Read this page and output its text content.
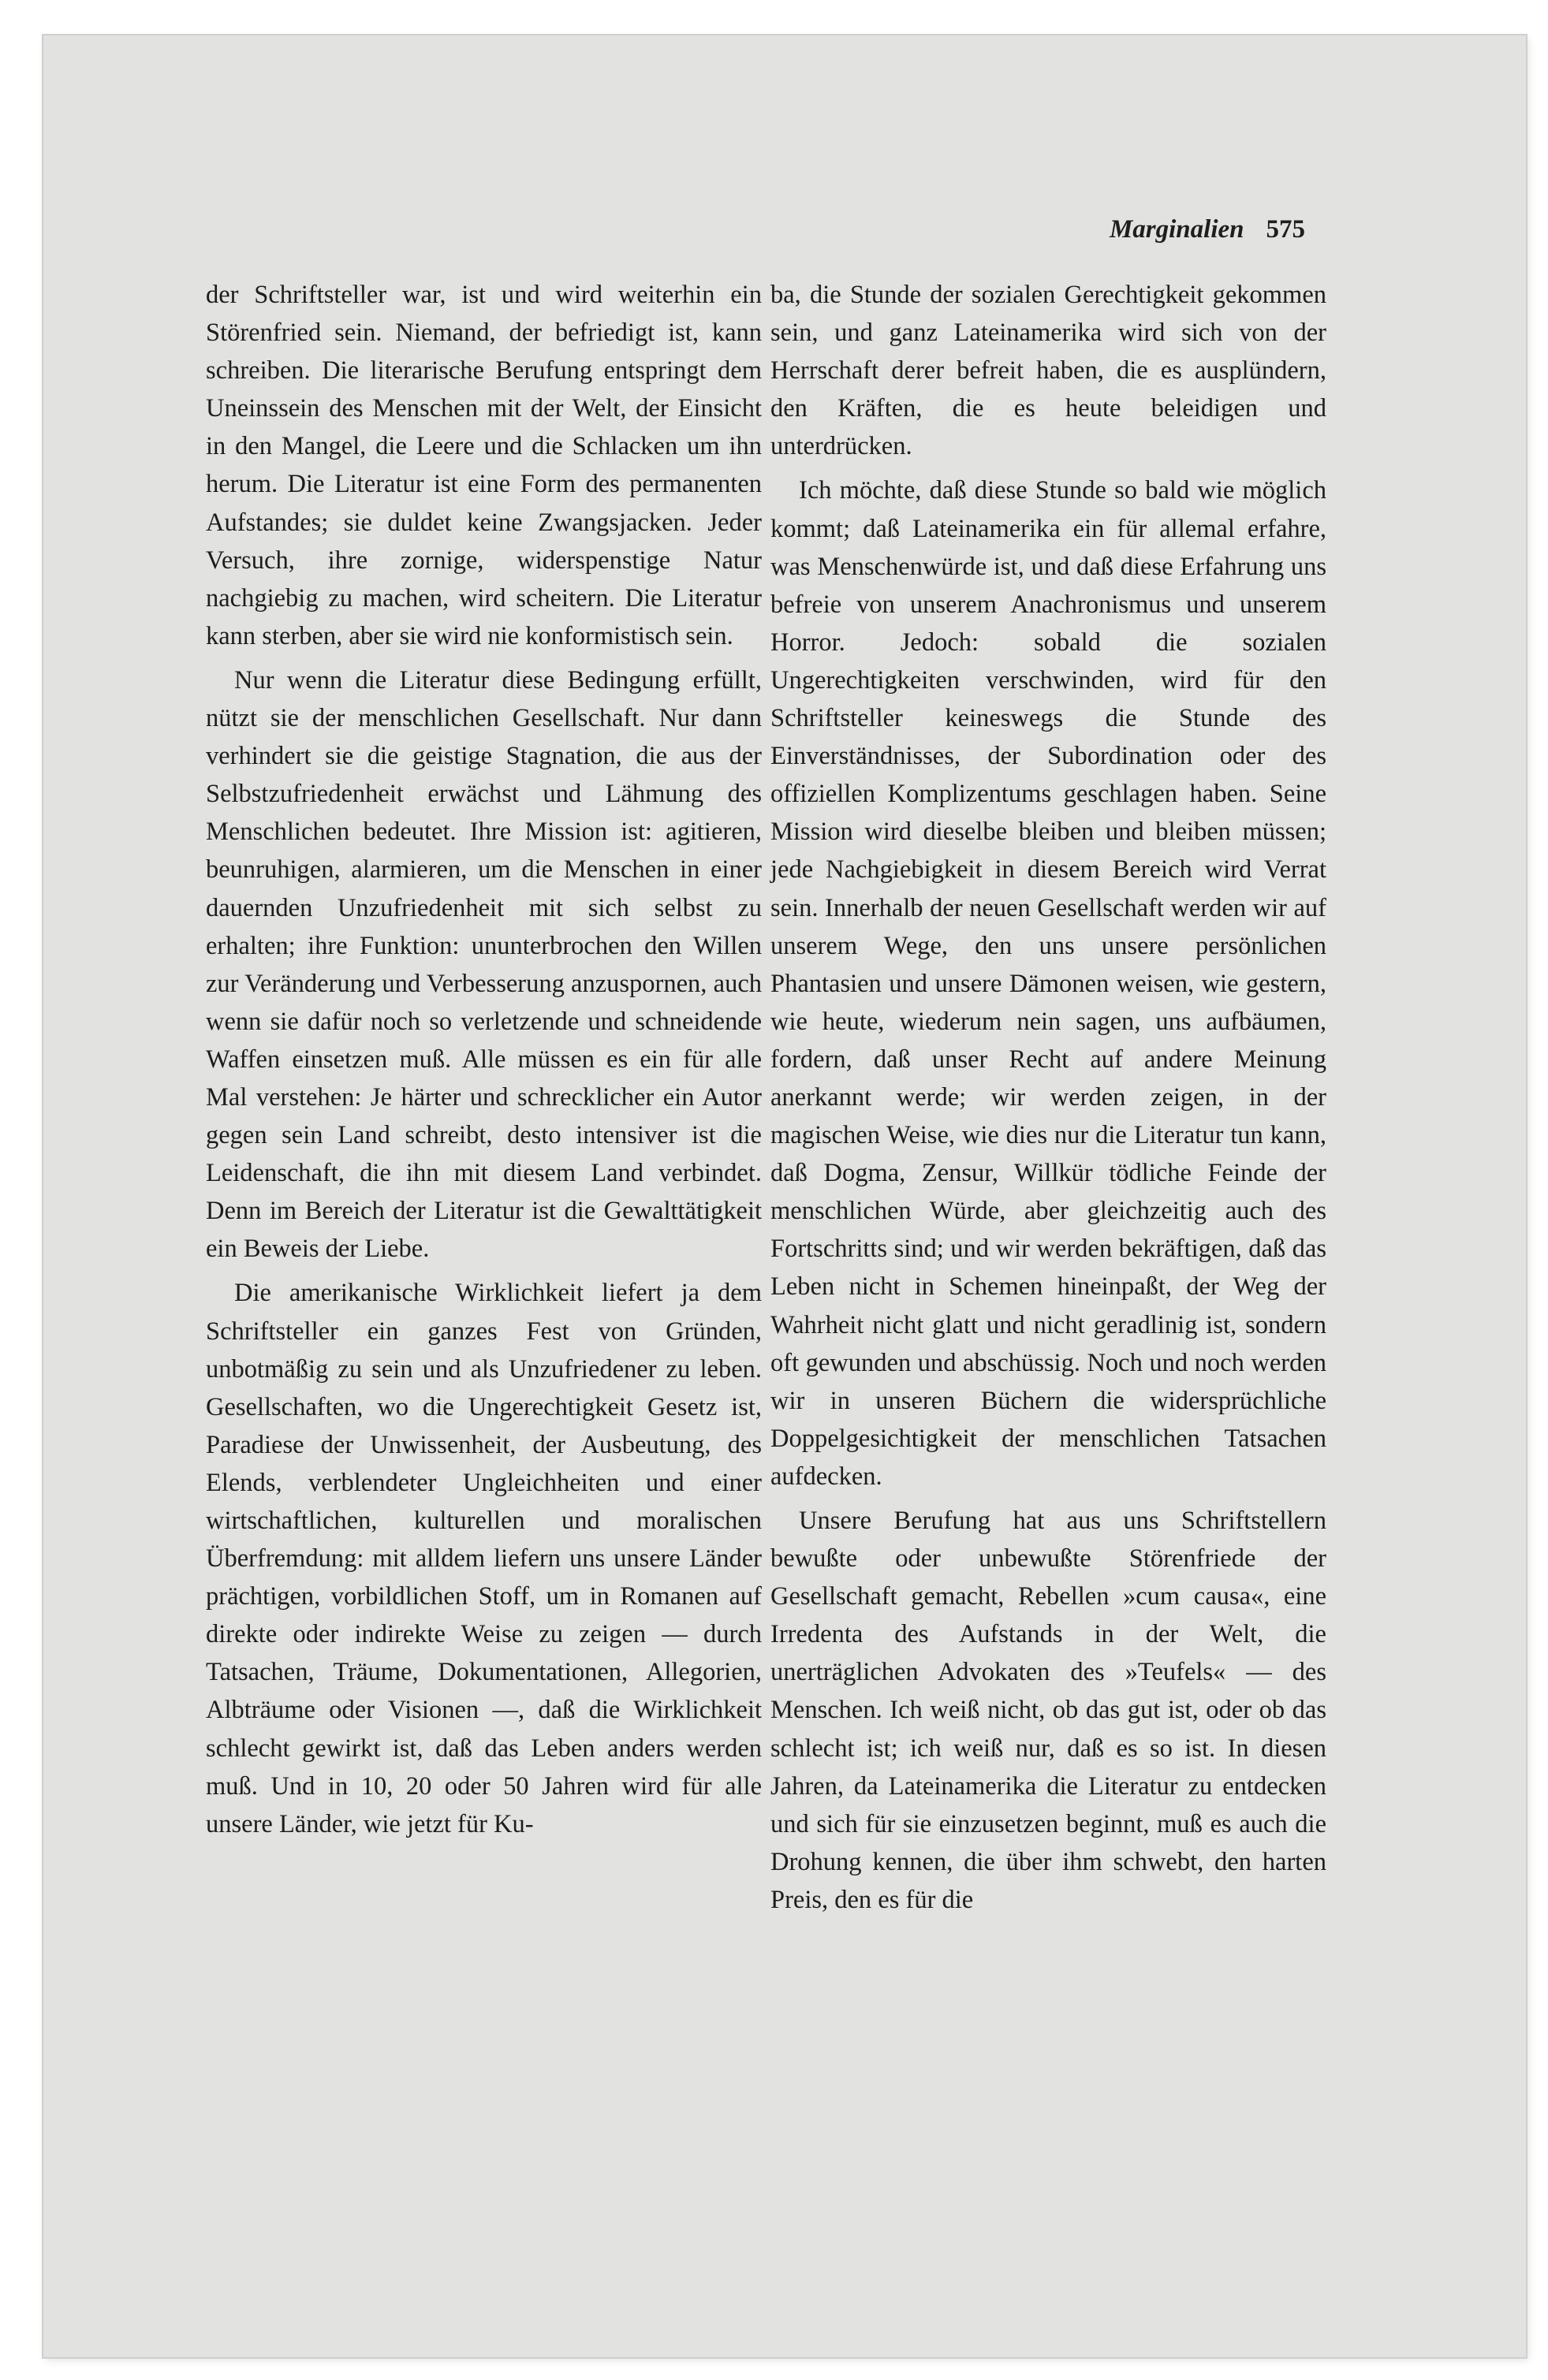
Marginalien 575

der Schriftsteller war, ist und wird weiterhin ein Störenfried sein. Niemand, der befriedigt ist, kann schreiben. Die literarische Berufung entspringt dem Uneinssein des Menschen mit der Welt, der Einsicht in den Mangel, die Leere und die Schlacken um ihn herum. Die Literatur ist eine Form des permanenten Aufstandes; sie duldet keine Zwangsjacken. Jeder Versuch, ihre zornige, widerspenstige Natur nachgiebig zu machen, wird scheitern. Die Literatur kann sterben, aber sie wird nie konformistisch sein.

Nur wenn die Literatur diese Bedingung erfüllt, nützt sie der menschlichen Gesellschaft. Nur dann verhindert sie die geistige Stagnation, die aus der Selbstzufriedenheit erwächst und Lähmung des Menschlichen bedeutet. Ihre Mission ist: agitieren, beunruhigen, alarmieren, um die Menschen in einer dauernden Unzufriedenheit mit sich selbst zu erhalten; ihre Funktion: ununterbrochen den Willen zur Veränderung und Verbesserung anzuspornen, auch wenn sie dafür noch so verletzende und schneidende Waffen einsetzen muß. Alle müssen es ein für alle Mal verstehen: Je härter und schrecklicher ein Autor gegen sein Land schreibt, desto intensiver ist die Leidenschaft, die ihn mit diesem Land verbindet. Denn im Bereich der Literatur ist die Gewalttätigkeit ein Beweis der Liebe.

Die amerikanische Wirklichkeit liefert ja dem Schriftsteller ein ganzes Fest von Gründen, unbotmäßig zu sein und als Unzufriedener zu leben. Gesellschaften, wo die Ungerechtigkeit Gesetz ist, Paradiese der Unwissenheit, der Ausbeutung, des Elends, verblendeter Ungleichheiten und einer wirtschaftlichen, kulturellen und moralischen Überfremdung: mit alldem liefern uns unsere Länder prächtigen, vorbildlichen Stoff, um in Romanen auf direkte oder indirekte Weise zu zeigen — durch Tatsachen, Träume, Dokumentationen, Allegorien, Albträume oder Visionen —, daß die Wirklichkeit schlecht gewirkt ist, daß das Leben anders werden muß. Und in 10, 20 oder 50 Jahren wird für alle unsere Länder, wie jetzt für Ku-

ba, die Stunde der sozialen Gerechtigkeit gekommen sein, und ganz Lateinamerika wird sich von der Herrschaft derer befreit haben, die es ausplündern, den Kräften, die es heute beleidigen und unterdrücken.

Ich möchte, daß diese Stunde so bald wie möglich kommt; daß Lateinamerika ein für allemal erfahre, was Menschenwürde ist, und daß diese Erfahrung uns befreie von unserem Anachronismus und unserem Horror. Jedoch: sobald die sozialen Ungerechtigkeiten verschwinden, wird für den Schriftsteller keineswegs die Stunde des Einverständnisses, der Subordination oder des offiziellen Komplizentums geschlagen haben. Seine Mission wird dieselbe bleiben und bleiben müssen; jede Nachgiebigkeit in diesem Bereich wird Verrat sein. Innerhalb der neuen Gesellschaft werden wir auf unserem Wege, den uns unsere persönlichen Phantasien und unsere Dämonen weisen, wie gestern, wie heute, wiederum nein sagen, uns aufbäumen, fordern, daß unser Recht auf andere Meinung anerkannt werde; wir werden zeigen, in der magischen Weise, wie dies nur die Literatur tun kann, daß Dogma, Zensur, Willkür tödliche Feinde der menschlichen Würde, aber gleichzeitig auch des Fortschritts sind; und wir werden bekräftigen, daß das Leben nicht in Schemen hineinpaßt, der Weg der Wahrheit nicht glatt und nicht geradlinig ist, sondern oft gewunden und abschüssig. Noch und noch werden wir in unseren Büchern die widersprüchliche Doppelgesichtigkeit der menschlichen Tatsachen aufdecken.

Unsere Berufung hat aus uns Schriftstellern bewußte oder unbewußte Störenfriede der Gesellschaft gemacht, Rebellen »cum causa«, eine Irredenta des Aufstands in der Welt, die unerträglichen Advokaten des »Teufels« — des Menschen. Ich weiß nicht, ob das gut ist, oder ob das schlecht ist; ich weiß nur, daß es so ist. In diesen Jahren, da Lateinamerika die Literatur zu entdecken und sich für sie einzusetzen beginnt, muß es auch die Drohung kennen, die über ihm schwebt, den harten Preis, den es für die
